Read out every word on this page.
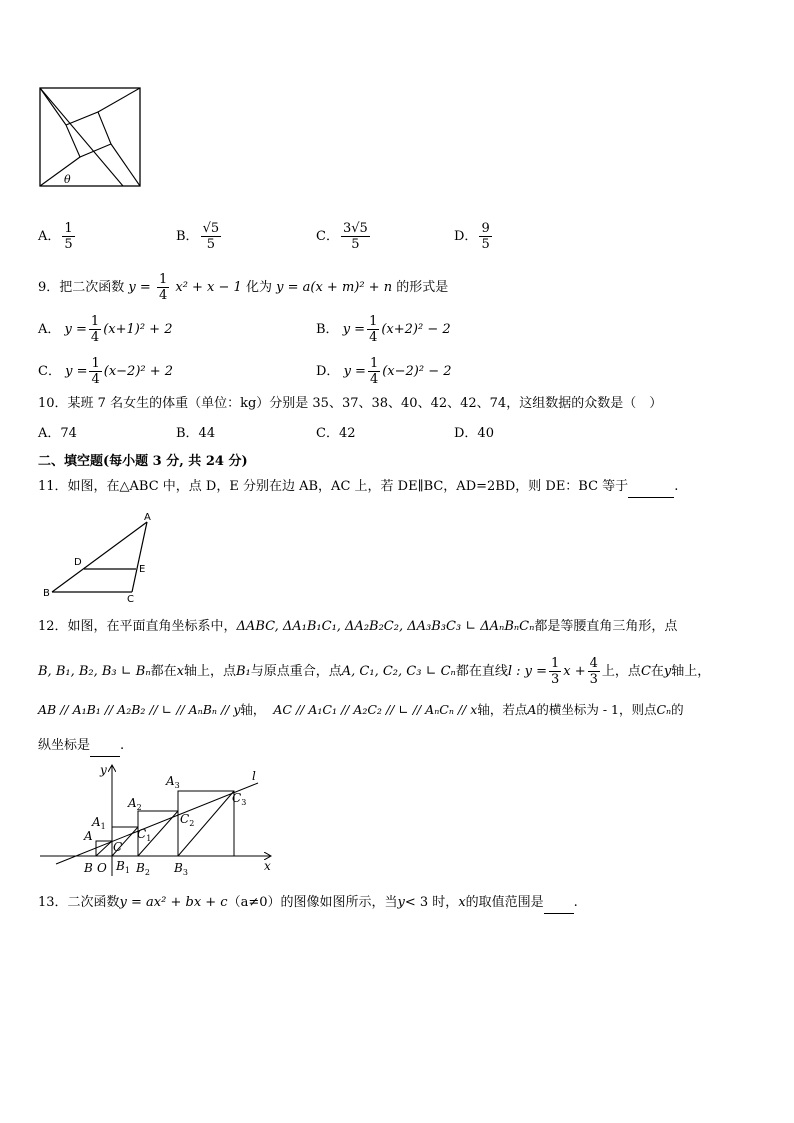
θ
A． $\frac{1}{5}$	B． $\frac{√5}{5}$	C． $\frac{3√5}{5}$	D． $\frac{9}{5}$
9．把二次函数 $y = \frac{1}{4} x^2 + x - 1$ 化为 y = a(x + m)² + n 的形式是
A． $y = \frac{1}{4} (x+1)^2 + 2$	B． $y = \frac{1}{4} (x+2)^2 - 2$
C． $y = \frac{1}{4} (x-2)^2 + 2$	D． $y = \frac{1}{4} (x-2)^2 - 2$
10．某班 7 名女生的体重（单位：kg）分别是 35、37、38、40、42、42、74，这组数据的众数是（　）
A．74	B．44	C．42	D．40
二、填空题(每小题 3 分, 共 24 分)
11．如图，在△ABC 中，点 D，E 分别在边 AB，AC 上，若 DE∥BC，AD=2BD，则 DE：BC 等于	.
A
B
C
D
E
12．如图，在平面直角坐标系中，ΔABC, ΔA₁B₁C₁, ΔA₂B₂C₂, ΔA₃B₃C₃ ∟ ΔAₙBₙCₙ都是等腰直角三角形，点
B, B₁, B₂, B₃ ∟ Bₙ都在x轴上，点B₁与原点重合，点A, C₁, C₂, C₃ ∟ Cₙ都在直线l : $y = \frac{1}{3}$ $x + \frac{4}{3}$ 上，点C在y轴上，
AB // A₁B₁ // A₂B₂ // ∟ // AₙBₙ // y轴， AC // A₁C₁ // A₂C₂ // ∟ // AₙCₙ // x轴，若点A的横坐标为 - 1，则点Cₙ的
纵坐标是 .
y
x
l
A
B O
C
$A_1$
$B_1$
$C_1$
$A_2$
$B_2$
$C_2$
$A_3$
$B_3$
$C_3$
13．二次函数y = ax² + bx + c（a≠0）的图像如图所示，当y< 3 时，x的取值范围是 .
